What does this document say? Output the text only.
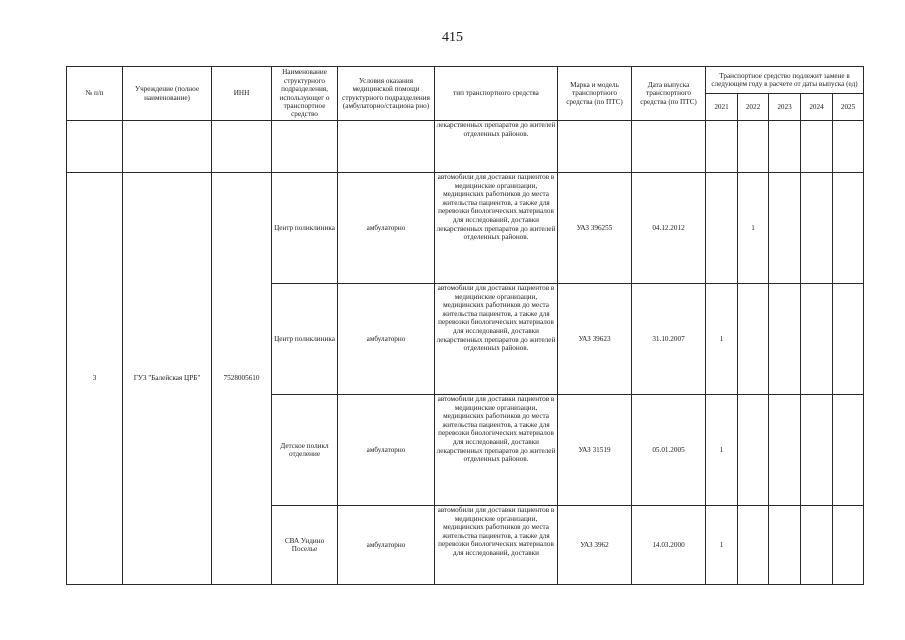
415
№ п/п	Учреждение (полное наименование)	ИНН	Наименование структурного подразделения, использующег о транспортное средство	Условия оказания медицинской помощи структурного подразделения (амбулаторно/стациона рно)	тип транспортного средства	Марка и модель транспортного средства (по ПТС)	Дата выпуска транспортного средства (по ПТС)	Транспортное средство подлежит замене в следующем году в расчете от даты выпуска (ед)				
								2021	2022	2023	2024	2025
					лекарственных препаратов до жителей отделенных районов.							
3	ГУЗ "Балейская ЦРБ"	7528005610	Центр поликлиника	амбулаторно	автомобили для доставки пациентов в медицинские организации, медицинских работников до места жительства пациентов, а также для перевозки биологических материалов для исследований, доставки лекарственных препаратов до жителей отделенных районов.	УАЗ 396255	04.12.2012		1			
			Центр поликлиника	амбулаторно	автомобили для доставки пациентов в медицинские организации, медицинских работников до места жительства пациентов, а также для перевозки биологических материалов для исследований, доставки лекарственных препаратов до жителей отделенных районов.	УАЗ 39623	31.10.2007	1				
			Детское поликл отделение	амбулаторно	автомобили для доставки пациентов в медицинские организации, медицинских работников до места жительства пациентов, а также для перевозки биологических материалов для исследований, доставки лекарственных препаратов до жителей отделенных районов.	УАЗ 31519	05.01.2005	1				
			СВА Ундино Поселье	амбулаторно	автомобили для доставки пациентов в медицинские организации, медицинских работников до места жительства пациентов, а также для перевозки биологических материалов для исследований, доставки	УАЗ 3962	14.03.2000	1				
